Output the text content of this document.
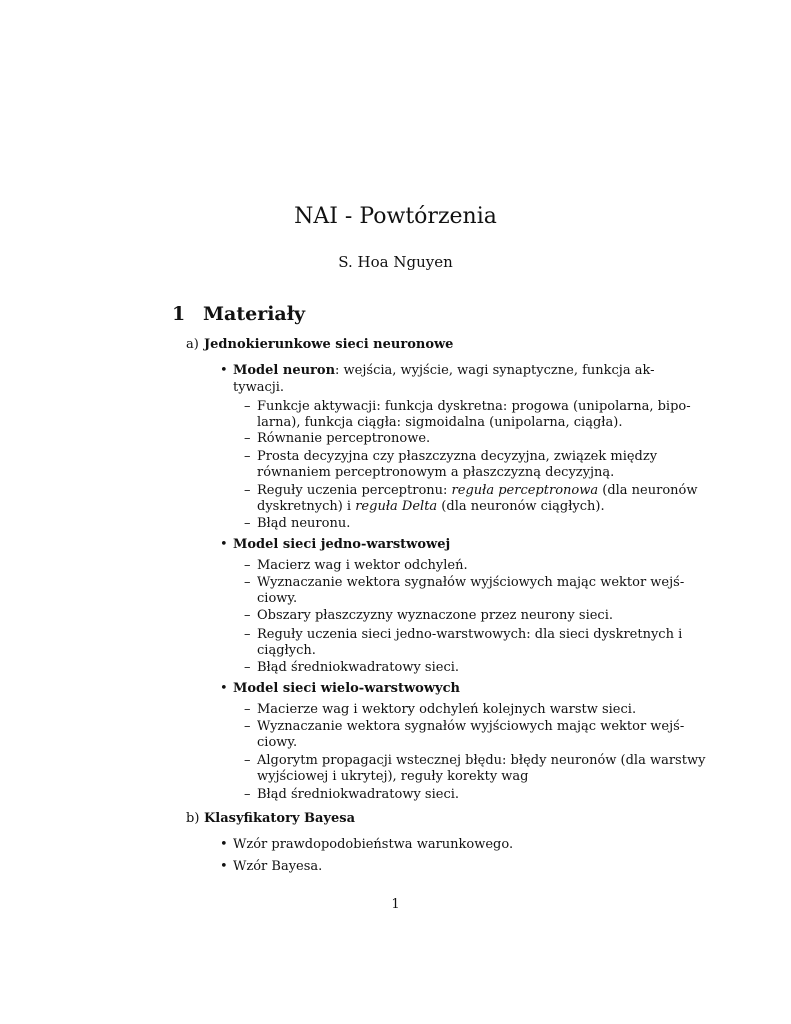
NAI - Powtórzenia
S. Hoa Nguyen
1 Materiały
a) Jednokierunkowe sieci neuronowe
• Model neuron: wejścia, wyjście, wagi synaptyczne, funkcja ak-
tywacji.
– Funkcje aktywacji: funkcja dyskretna: progowa (unipolarna, bipo-
larna), funkcja ciągła: sigmoidalna (unipolarna, ciągła).
– Równanie perceptronowe.
– Prosta decyzyjna czy płaszczyzna decyzyjna, związek między
równaniem perceptronowym a płaszczyzną decyzyjną.
– Reguły uczenia perceptronu: reguła perceptronowa (dla neuronów
dyskretnych) i reguła Delta (dla neuronów ciągłych).
– Błąd neuronu.
• Model sieci jedno-warstwowej
– Macierz wag i wektor odchyleń.
– Wyznaczanie wektora sygnałów wyjściowych mając wektor wejś-
ciowy.
– Obszary płaszczyzny wyznaczone przez neurony sieci.
– Reguły uczenia sieci jedno-warstwowych: dla sieci dyskretnych i
ciągłych.
– Błąd średniokwadratowy sieci.
• Model sieci wielo-warstwowych
– Macierze wag i wektory odchyleń kolejnych warstw sieci.
– Wyznaczanie wektora sygnałów wyjściowych mając wektor wejś-
ciowy.
– Algorytm propagacji wstecznej błędu: błędy neuronów (dla warstwy
wyjściowej i ukrytej), reguły korekty wag
– Błąd średniokwadratowy sieci.
b) Klasyfikatory Bayesa
• Wzór prawdopodobieństwa warunkowego.
• Wzór Bayesa.
1
